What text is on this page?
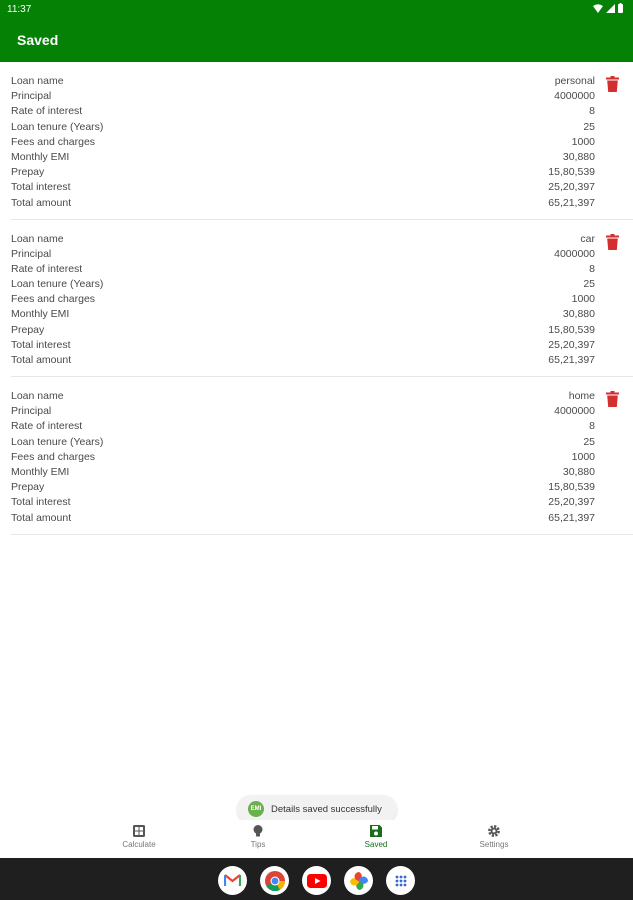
11:37
Saved
Loan name	personal
Principal	4000000
Rate of interest	8
Loan tenure (Years)	25
Fees and charges	1000
Monthly EMI	30,880
Prepay	15,80,539
Total interest	25,20,397
Total amount	65,21,397
Loan name	car
Principal	4000000
Rate of interest	8
Loan tenure (Years)	25
Fees and charges	1000
Monthly EMI	30,880
Prepay	15,80,539
Total interest	25,20,397
Total amount	65,21,397
Loan name	home
Principal	4000000
Rate of interest	8
Loan tenure (Years)	25
Fees and charges	1000
Monthly EMI	30,880
Prepay	15,80,539
Total interest	25,20,397
Total amount	65,21,397
EMI Details saved successfully
Calculate	Tips	Saved	Settings
